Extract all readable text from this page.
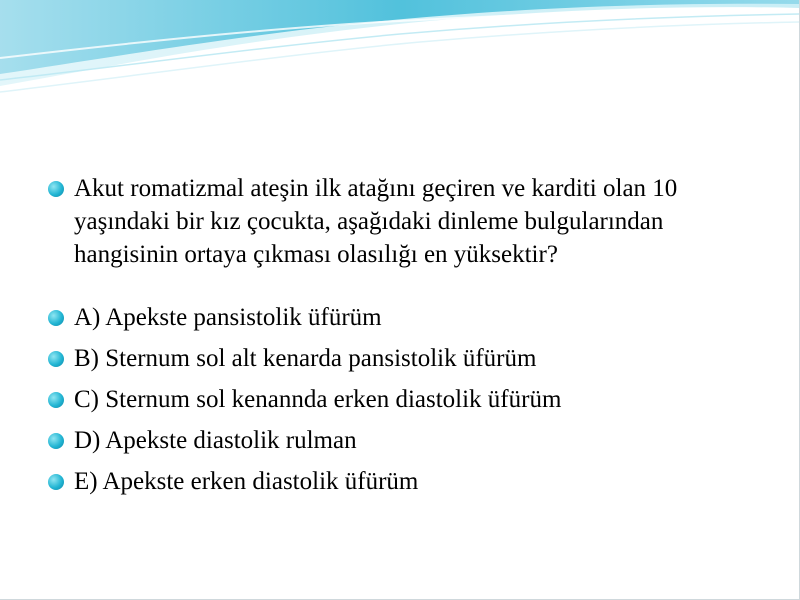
Akut romatizmal ateşin ilk atağını geçiren ve karditi olan 10 yaşındaki bir kız çocukta, aşağıdaki dinleme bulgularından hangisinin ortaya çıkması olasılığı en yüksektir?
A) Apekste pansistolik üfürüm
B) Sternum sol alt kenarda pansistolik üfürüm
C) Sternum sol kenannda erken diastolik üfürüm
D) Apekste diastolik rulman
E) Apekste erken diastolik üfürüm
